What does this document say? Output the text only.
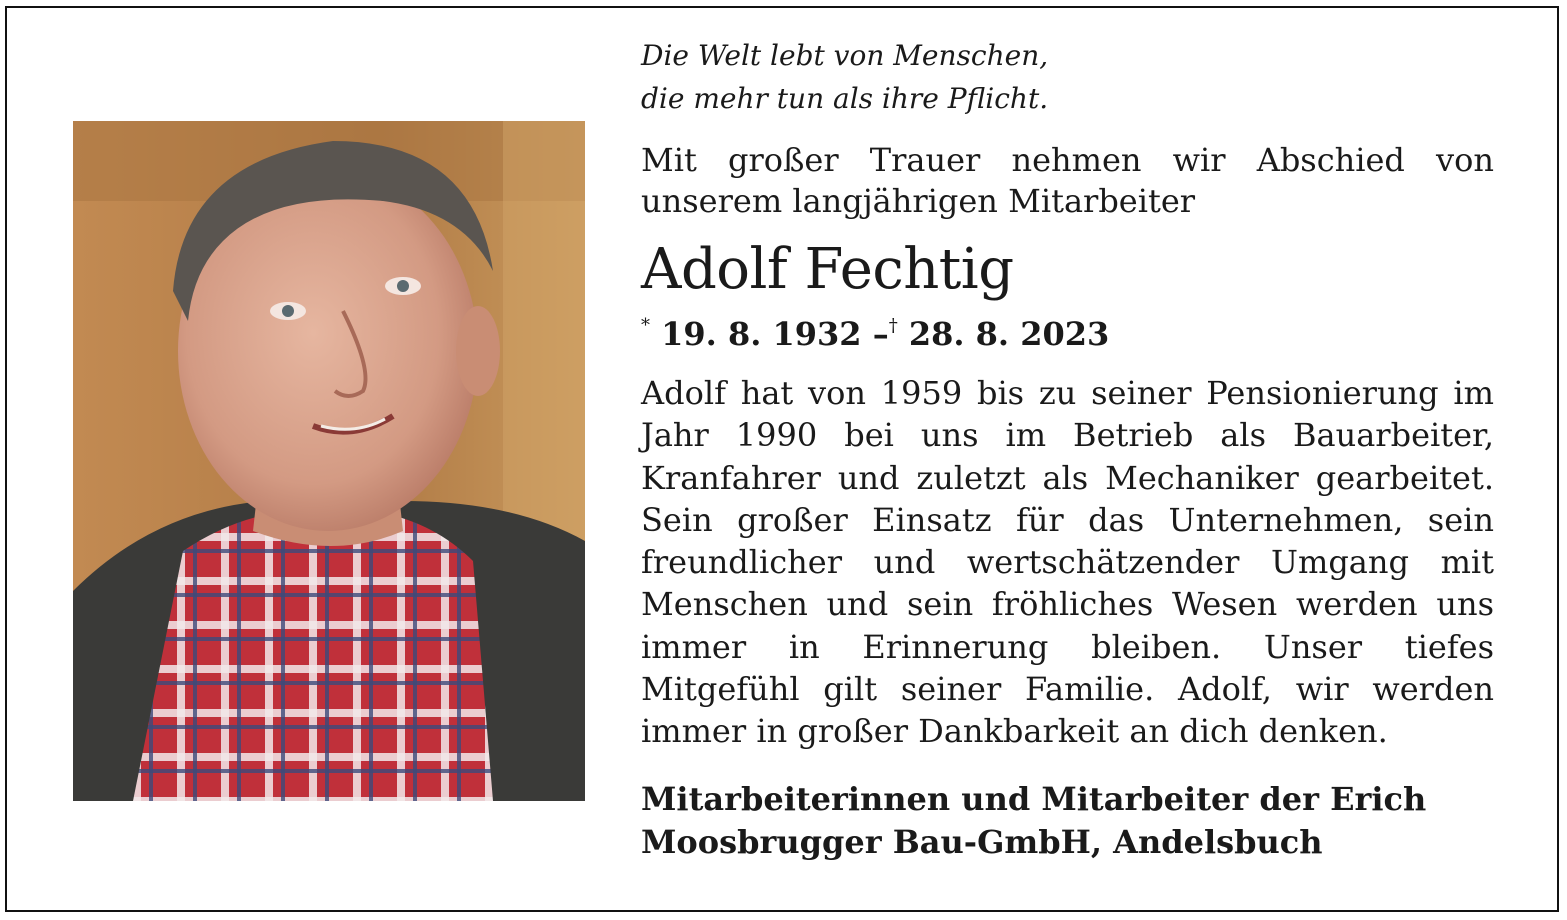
Die Welt lebt von Menschen,
die mehr tun als ihre Pflicht.

Mit großer Trauer nehmen wir Abschied von unserem langjährigen Mitarbeiter

Adolf Fechtig

* 19. 8. 1932 –† 28. 8. 2023

Adolf hat von 1959 bis zu seiner Pensionierung im Jahr 1990 bei uns im Betrieb als Bauarbeiter, Kranfahrer und zuletzt als Mechaniker gearbeitet. Sein großer Einsatz für das Unternehmen, sein freundlicher und wertschätzender Umgang mit Menschen und sein fröhliches Wesen werden uns immer in Erinnerung bleiben. Unser tiefes Mitgefühl gilt seiner Familie. Adolf, wir werden immer in großer Dankbarkeit an dich denken.

Mitarbeiterinnen und Mitarbeiter der Erich
Moosbrugger Bau-GmbH, Andelsbuch
